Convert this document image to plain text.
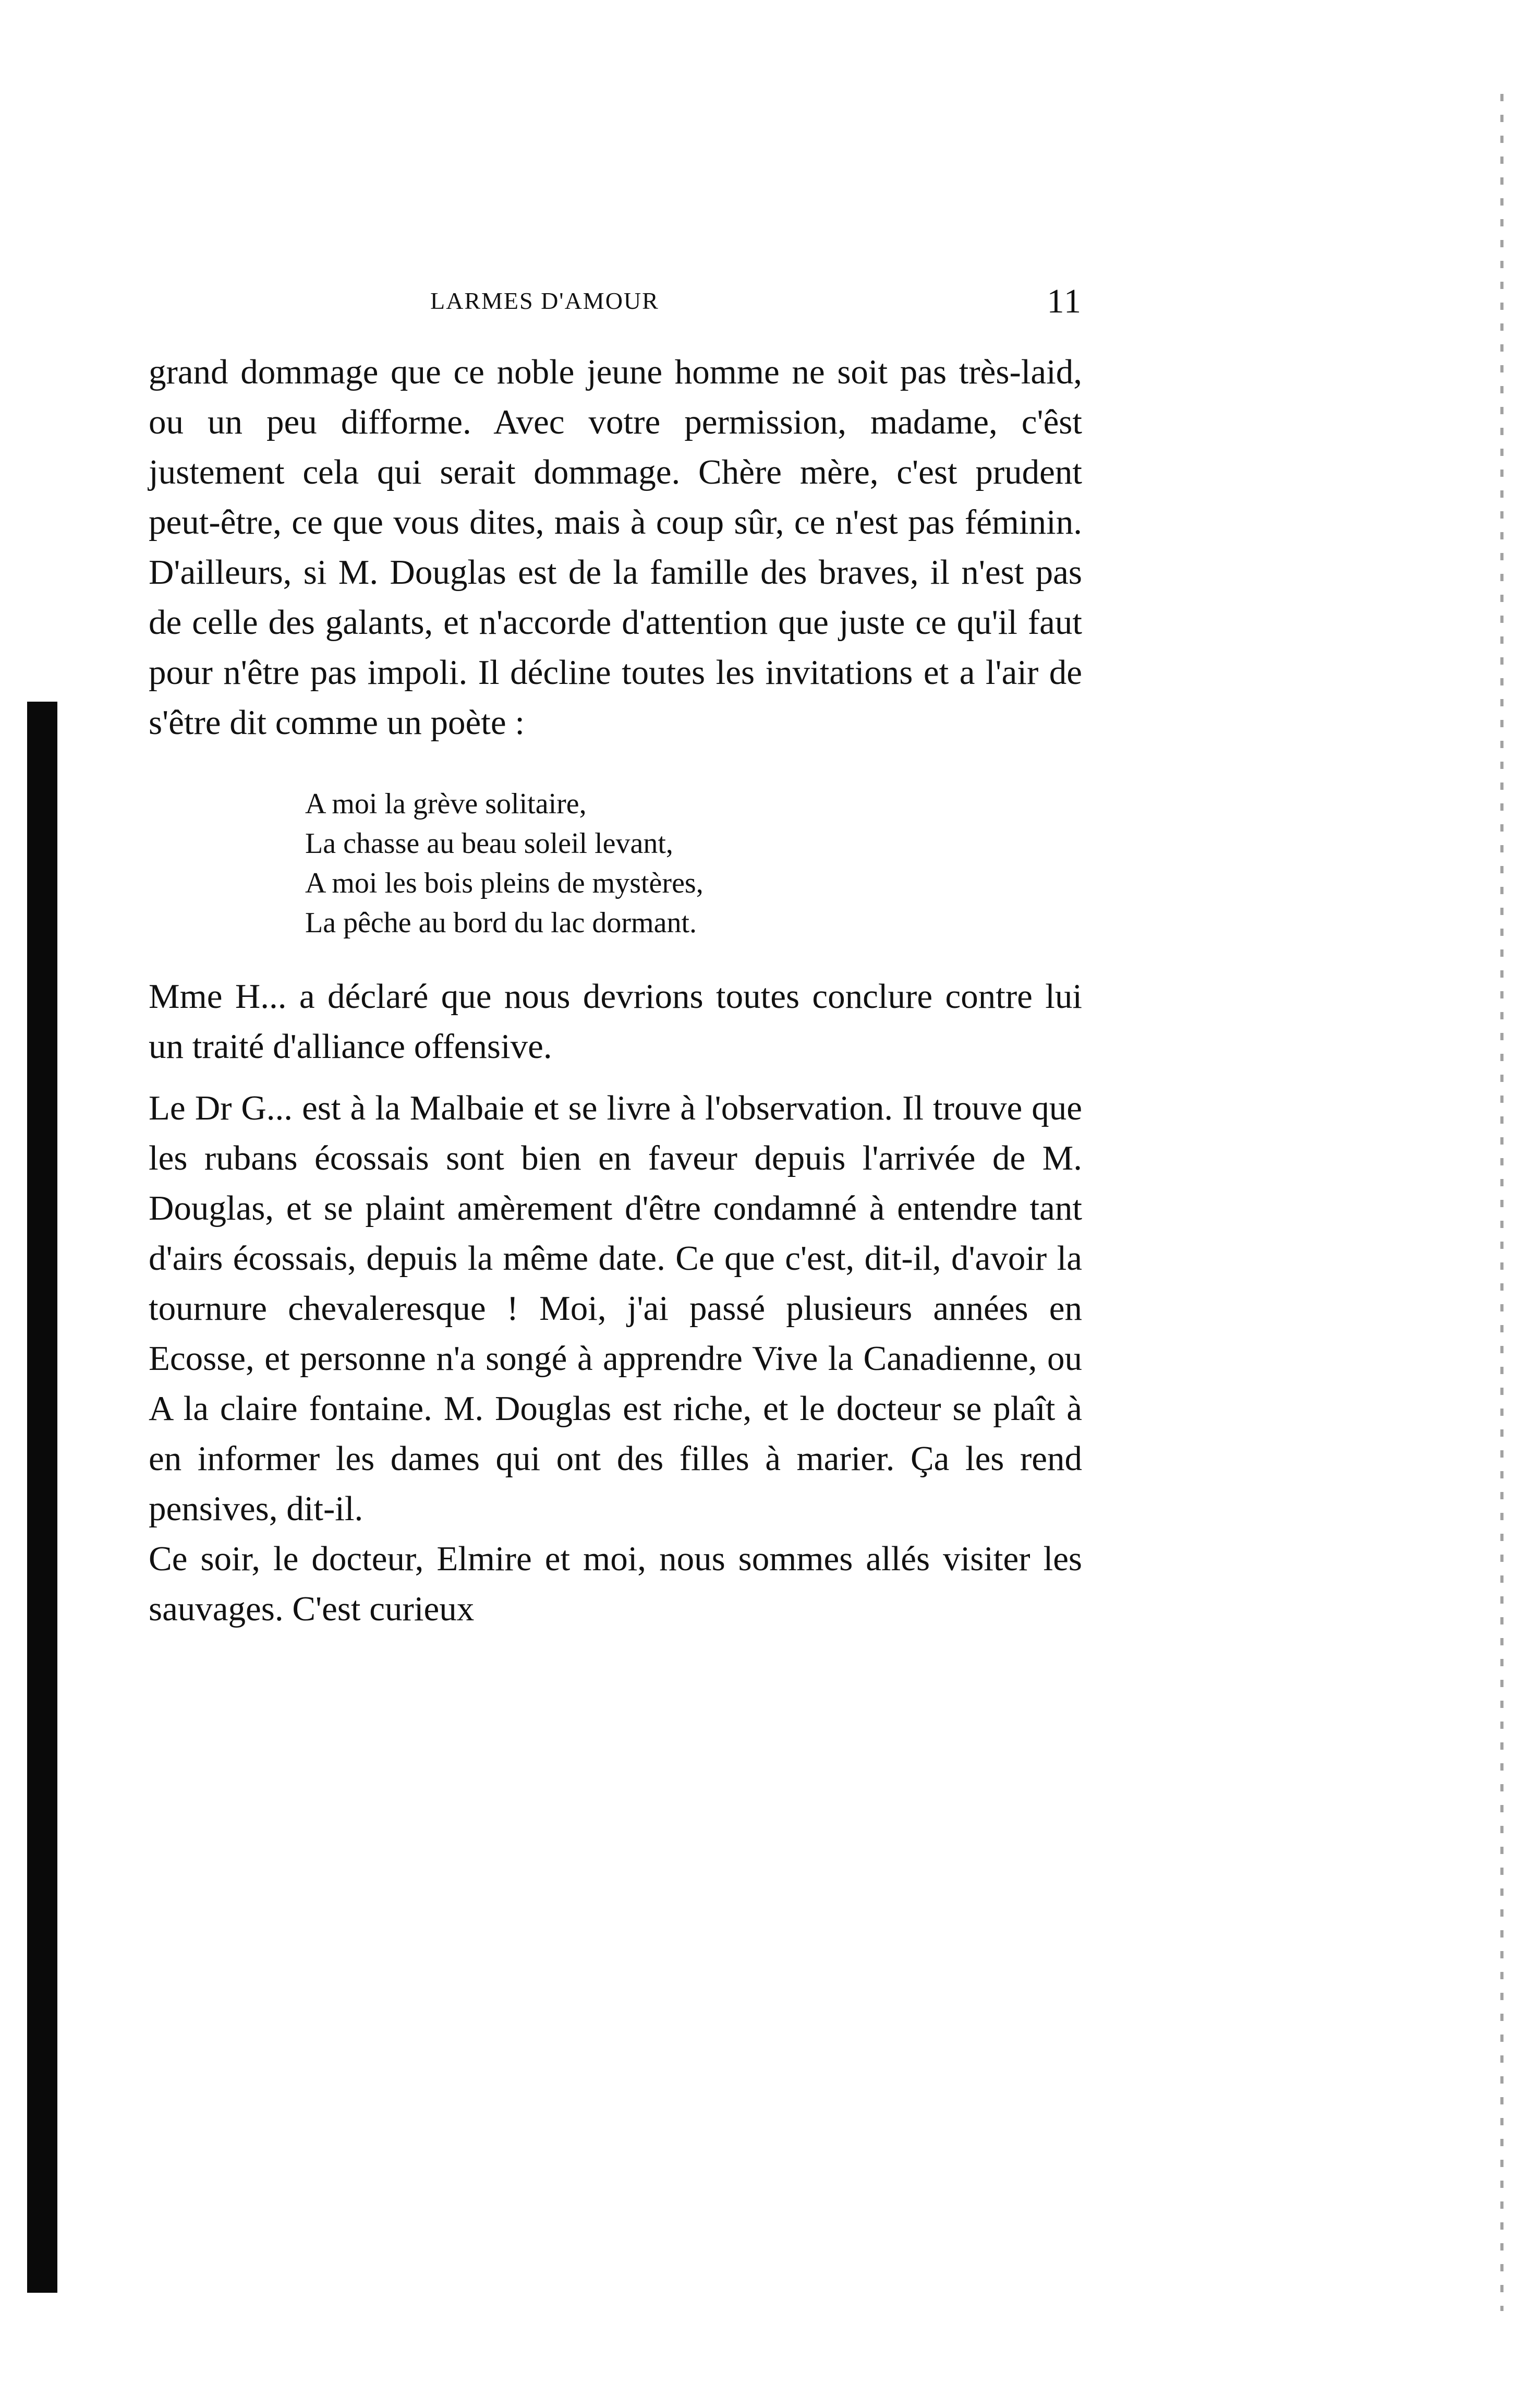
LARMES D'AMOUR	11

grand dommage que ce noble jeune homme ne soit pas très-laid, ou un peu difforme. Avec votre permission, madame, c'êst justement cela qui serait dommage. Chère mère, c'est prudent peut-être, ce que vous dites, mais à coup sûr, ce n'est pas féminin. D'ailleurs, si M. Douglas est de la famille des braves, il n'est pas de celle des galants, et n'accorde d'attention que juste ce qu'il faut pour n'être pas impoli. Il décline toutes les invitations et a l'air de s'être dit comme un poète :

A moi la grève solitaire,
La chasse au beau soleil levant,
A moi les bois pleins de mystères,
La pêche au bord du lac dormant.

Mme H... a déclaré que nous devrions toutes conclure contre lui un traité d'alliance offensive.

Le Dr G... est à la Malbaie et se livre à l'observation. Il trouve que les rubans écossais sont bien en faveur depuis l'arrivée de M. Douglas, et se plaint amèrement d'être condamné à entendre tant d'airs écossais, depuis la même date. Ce que c'est, dit-il, d'avoir la tournure chevaleresque ! Moi, j'ai passé plusieurs années en Ecosse, et personne n'a songé à apprendre Vive la Canadienne, ou A la claire fontaine. M. Douglas est riche, et le docteur se plaît à en informer les dames qui ont des filles à marier. Ça les rend pensives, dit-il.

Ce soir, le docteur, Elmire et moi, nous sommes allés visiter les sauvages. C'est curieux
